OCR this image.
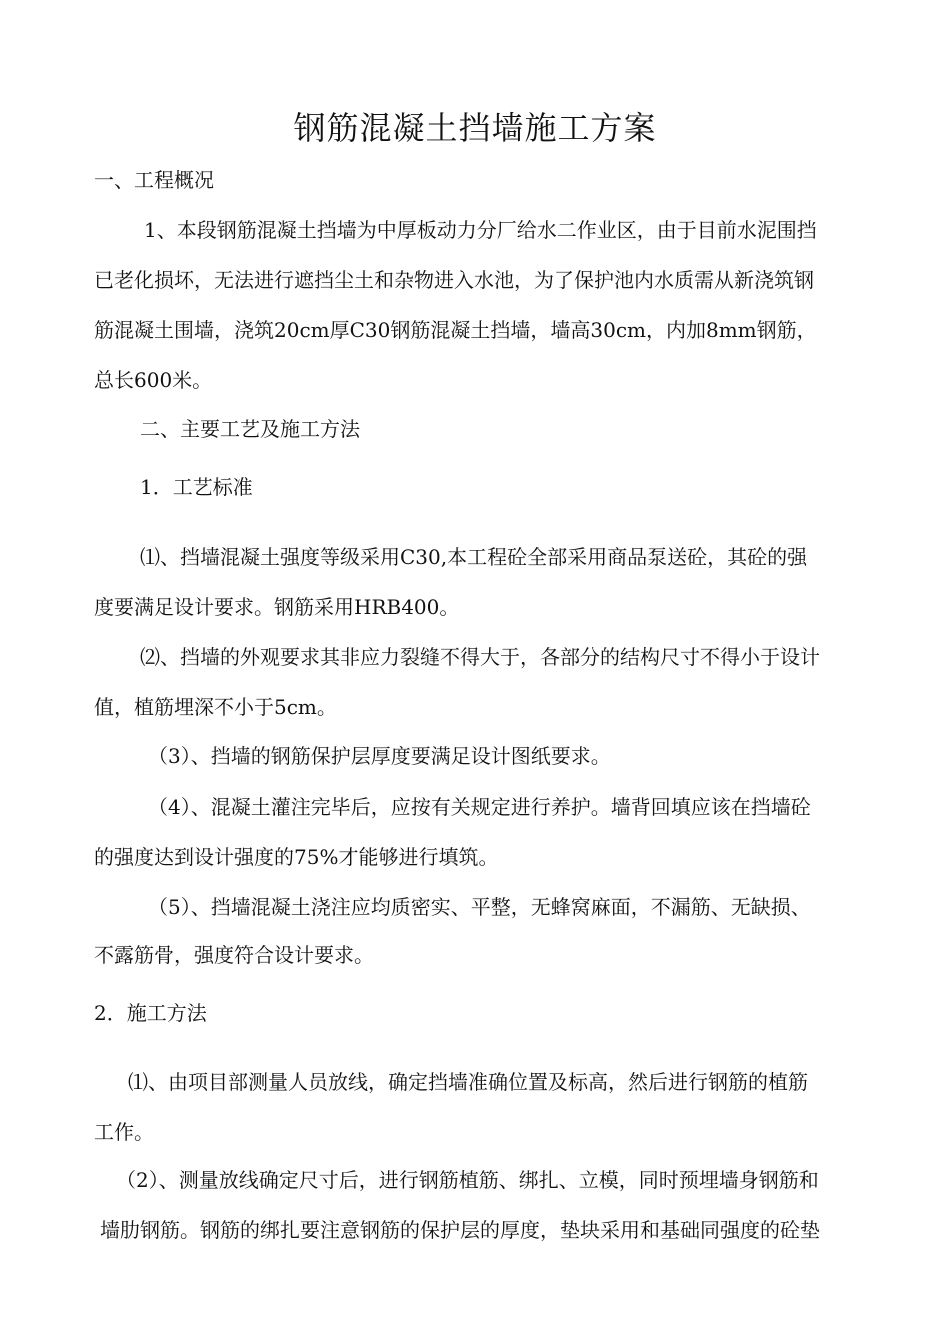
钢筋混凝土挡墙施工方案

一、工程概况

1、本段钢筋混凝土挡墙为中厚板动力分厂给水二作业区，由于目前水泥围挡

已老化损坏，无法进行遮挡尘土和杂物进入水池，为了保护池内水质需从新浇筑钢

筋混凝土围墙，浇筑20cm厚C30钢筋混凝土挡墙，墙高30cm，内加8mm钢筋，

总长600米。

二、主要工艺及施工方法

1．工艺标准

⑴、挡墙混凝土强度等级采用C30,本工程砼全部采用商品泵送砼，其砼的强

度要满足设计要求。钢筋采用HRB400。

⑵、挡墙的外观要求其非应力裂缝不得大于，各部分的结构尺寸不得小于设计

值，植筋埋深不小于5cm。

（3）、挡墙的钢筋保护层厚度要满足设计图纸要求。

（4）、混凝土灌注完毕后，应按有关规定进行养护。墙背回填应该在挡墙砼

的强度达到设计强度的75%才能够进行填筑。

（5）、挡墙混凝土浇注应均质密实、平整，无蜂窝麻面，不漏筋、无缺损、

不露筋骨，强度符合设计要求。

2．施工方法

⑴、由项目部测量人员放线，确定挡墙准确位置及标高，然后进行钢筋的植筋

工作。

（2）、测量放线确定尺寸后，进行钢筋植筋、绑扎、立模，同时预埋墙身钢筋和

墙肋钢筋。钢筋的绑扎要注意钢筋的保护层的厚度，垫块采用和基础同强度的砼垫
